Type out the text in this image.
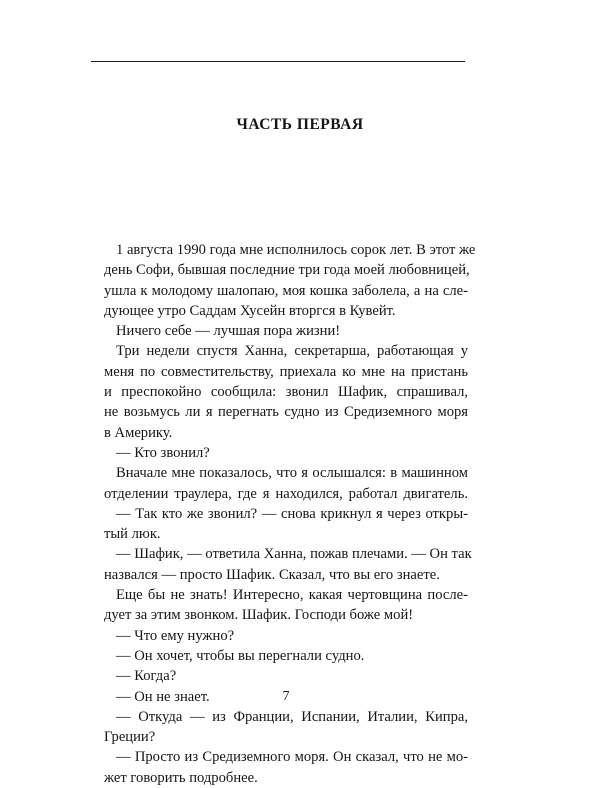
ЧАСТЬ ПЕРВАЯ
1 августа 1990 года мне исполнилось сорок лет. В этот же
день Софи, бывшая последние три года моей любовницей,
ушла к молодому шалопаю, моя кошка заболела, а на сле-
дующее утро Саддам Хусейн вторгся в Кувейт.
Ничего себе — лучшая пора жизни!
Три недели спустя Ханна, секретарша, работающая у
меня по совместительству, приехала ко мне на пристань
и преспокойно сообщила: звонил Шафик, спрашивал,
не возьмусь ли я перегнать судно из Средиземного моря
в Америку.
— Кто звонил?
Вначале мне показалось, что я ослышался: в машинном
отделении траулера, где я находился, работал двигатель.
— Так кто же звонил? — снова крикнул я через откры-
тый люк.
— Шафик, — ответила Ханна, пожав плечами. — Он так
назвался — просто Шафик. Сказал, что вы его знаете.
Еще бы не знать! Интересно, какая чертовщина после-
дует за этим звонком. Шафик. Господи боже мой!
— Что ему нужно?
— Он хочет, чтобы вы перегнали судно.
— Когда?
— Он не знает.
— Откуда — из Франции, Испании, Италии, Кипра,
Греции?
— Просто из Средиземного моря. Он сказал, что не мо-
жет говорить подробнее.
7
